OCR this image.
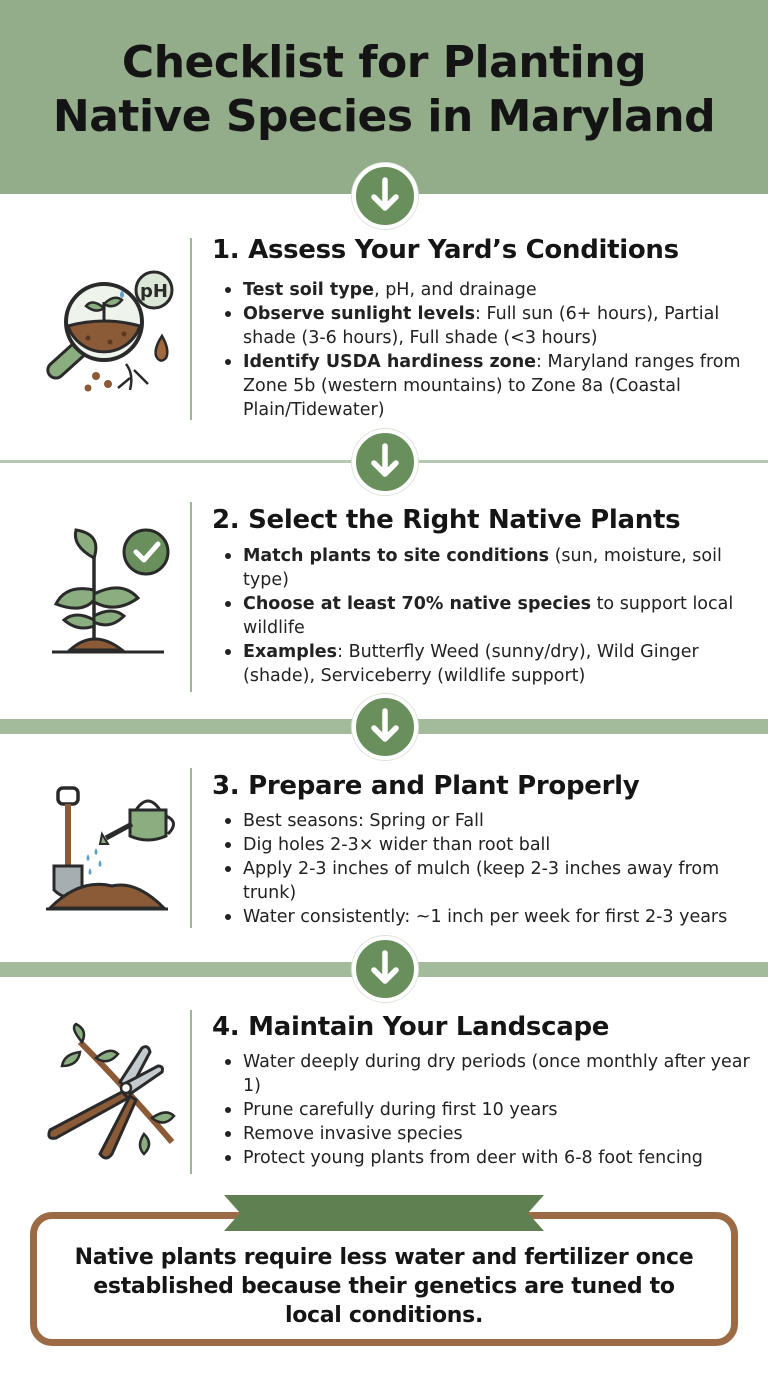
Checklist for Planting
Native Species in Maryland
pH
1. Assess Your Yard’s Conditions
Test soil type, pH, and drainage
Observe sunlight levels: Full sun (6+ hours), Partial shade (3-6 hours), Full shade (<3 hours)
Identify USDA hardiness zone: Maryland ranges from Zone 5b (western mountains) to Zone 8a (Coastal Plain/Tidewater)
2. Select the Right Native Plants
Match plants to site conditions (sun, moisture, soil type)
Choose at least 70% native species to support local wildlife
Examples: Butterfly Weed (sunny/dry), Wild Ginger (shade), Serviceberry (wildlife support)
3. Prepare and Plant Properly
Best seasons: Spring or Fall
Dig holes 2-3× wider than root ball
Apply 2-3 inches of mulch (keep 2-3 inches away from trunk)
Water consistently: ~1 inch per week for first 2-3 years
4. Maintain Your Landscape
Water deeply during dry periods (once monthly after year 1)
Prune carefully during first 10 years
Remove invasive species
Protect young plants from deer with 6-8 foot fencing

Native plants require less water and fertilizer once established because their genetics are tuned to local conditions.
